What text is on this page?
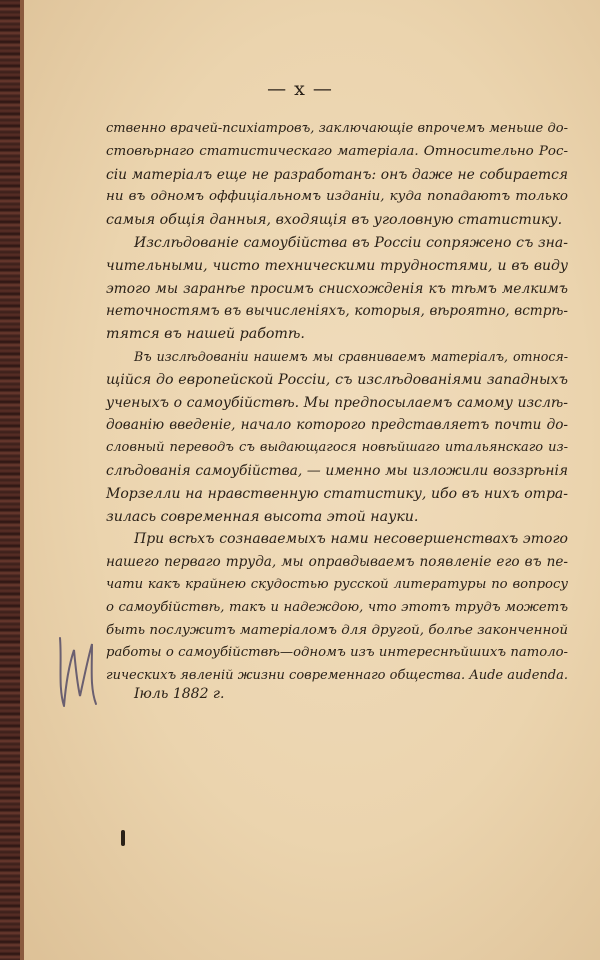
— x —

ственно врачей-психіатровъ, заключающіе впрочемъ меньше до-
стовѣрнаго статистическаго матеріала. Относительно Рос-
сіи матеріалъ еще не разработанъ: онъ даже не собирается
ни въ одномъ оффиціальномъ изданіи, куда попадаютъ только
самыя общія данныя, входящія въ уголовную статистику.

Изслѣдованіе самоубійства въ Россіи сопряжено съ зна-
чительными, чисто техническими трудностями, и въ виду
этого мы заранѣе просимъ снисхожденія къ тѣмъ мелкимъ
неточностямъ въ вычисленіяхъ, которыя, вѣроятно, встрѣ-
тятся въ нашей работѣ.

Въ изслѣдованіи нашемъ мы сравниваемъ матеріалъ, относя-
щійся до европейской Россіи, съ изслѣдованіями западныхъ
ученыхъ о самоубійствѣ. Мы предпосылаемъ самому изслѣ-
дованію введеніе, начало которого представляетъ почти до-
словный переводъ съ выдающагося новѣйшаго итальянскаго из-
слѣдованія самоубійства, — именно мы изложили воззрѣнія
Морзелли на нравственную статистику, ибо въ нихъ отра-
зилась современная высота этой науки.

При всѣхъ сознаваемыхъ нами несовершенствахъ этого
нашего перваго труда, мы оправдываемъ появленіе его въ пе-
чати какъ крайнею скудостью русской литературы по вопросу
о самоубійствѣ, такъ и надеждою, что этотъ трудъ можетъ
быть послужитъ матеріаломъ для другой, болѣе законченной
работы о самоубійствѣ—одномъ изъ интереснѣйшихъ патоло-
гическихъ явленій жизни современнаго общества. Aude audenda.

Іюль 1882 г.
